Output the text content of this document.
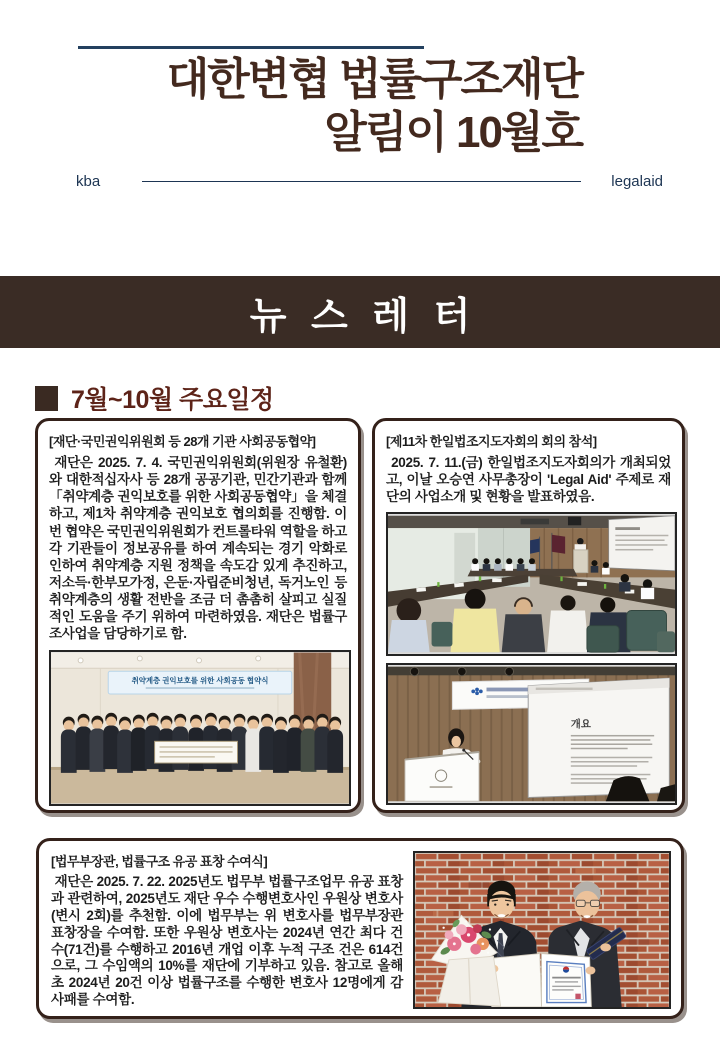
대한변협 법률구조재단
알림이 10월호
kba	legalaid
뉴 스 레 터
7월~10월 주요일정
[재단·국민권익위원회 등 28개 기관 사회공동협약]

재단은 2025. 7. 4. 국민권익위원회(위원장 유철환)와 대한적십자사 등 28개 공공기관, 민간기관과 함께 「취약계층 권익보호를 위한 사회공동협약」을 체결하고, 제1차 취약계층 권익보호 협의회를 진행함. 이번 협약은 국민권익위원회가 컨트롤타워 역할을 하고 각 기관들이 정보공유를 하여 계속되는 경기 악화로 인하여 취약계층 지원 정책을 속도감 있게 추진하고, 저소득·한부모가정, 은둔·자립준비청년, 독거노인 등 취약계층의 생활 전반을 조금 더 촘촘히 살피고 실질적인 도움을 주기 위하여 마련하였음. 재단은 법률구조사업을 담당하기로 함.

취약계층 권익보호를 위한 사회공동 협약식
[제11차 한일법조지도자회의 회의 참석]

2025. 7. 11.(금) 한일법조지도자회의가 개최되었고, 이날 오승연 사무총장이 'Legal Aid' 주제로 재단의 사업소개 및 현황을 발표하였음.

개요
[법무부장관, 법률구조 유공 표창 수여식]

재단은 2025. 7. 22. 2025년도 법무부 법률구조업무 유공 표창과 관련하여, 2025년도 재단 우수 수행변호사인 우원상 변호사(변시 2회)를 추천함. 이에 법무부는 위 변호사를 법무부장관 표창장을 수여함. 또한 우원상 변호사는 2024년 연간 최다 건수(71건)를 수행하고 2016년 개업 이후 누적 구조 건은 614건으로, 그 수임액의 10%를 재단에 기부하고 있음. 참고로 올해 초 2024년 20건 이상 법률구조를 수행한 변호사 12명에게 감사패를 수여함.
